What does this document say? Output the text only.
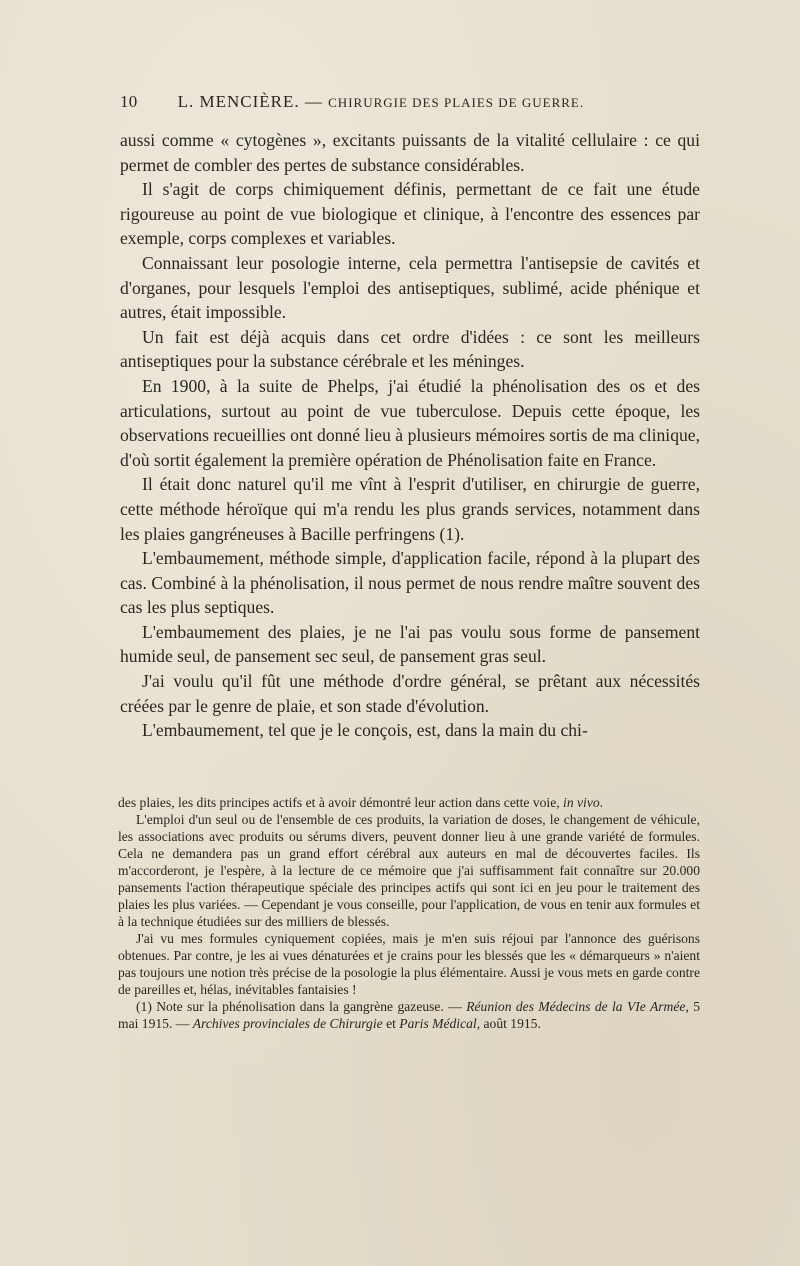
10 L. MENCIÈRE. — CHIRURGIE DES PLAIES DE GUERRE.

aussi comme « cytogènes », excitants puissants de la vitalité cellulaire : ce qui permet de combler des pertes de substance considérables.

Il s'agit de corps chimiquement définis, permettant de ce fait une étude rigoureuse au point de vue biologique et clinique, à l'encontre des essences par exemple, corps complexes et variables.

Connaissant leur posologie interne, cela permettra l'antisepsie de cavités et d'organes, pour lesquels l'emploi des antiseptiques, sublimé, acide phénique et autres, était impossible.

Un fait est déjà acquis dans cet ordre d'idées : ce sont les meilleurs antiseptiques pour la substance cérébrale et les méninges.

En 1900, à la suite de Phelps, j'ai étudié la phénolisation des os et des articulations, surtout au point de vue tuberculose. Depuis cette époque, les observations recueillies ont donné lieu à plusieurs mémoires sortis de ma clinique, d'où sortit également la première opération de Phénolisation faite en France.

Il était donc naturel qu'il me vînt à l'esprit d'utiliser, en chirurgie de guerre, cette méthode héroïque qui m'a rendu les plus grands services, notamment dans les plaies gangréneuses à Bacille perfringens (1).

L'embaumement, méthode simple, d'application facile, répond à la plupart des cas. Combiné à la phénolisation, il nous permet de nous rendre maître souvent des cas les plus septiques.

L'embaumement des plaies, je ne l'ai pas voulu sous forme de pansement humide seul, de pansement sec seul, de pansement gras seul.

J'ai voulu qu'il fût une méthode d'ordre général, se prêtant aux nécessités créées par le genre de plaie, et son stade d'évolution.

L'embaumement, tel que je le conçois, est, dans la main du chi-

des plaies, les dits principes actifs et à avoir démontré leur action dans cette voie, in vivo.

L'emploi d'un seul ou de l'ensemble de ces produits, la variation de doses, le changement de véhicule, les associations avec produits ou sérums divers, peuvent donner lieu à une grande variété de formules. Cela ne demandera pas un grand effort cérébral aux auteurs en mal de découvertes faciles. Ils m'accorderont, je l'espère, à la lecture de ce mémoire que j'ai suffisamment fait connaître sur 20.000 pansements l'action thérapeutique spéciale des principes actifs qui sont ici en jeu pour le traitement des plaies les plus variées. — Cependant je vous conseille, pour l'application, de vous en tenir aux formules et à la technique étudiées sur des milliers de blessés.

J'ai vu mes formules cyniquement copiées, mais je m'en suis réjoui par l'annonce des guérisons obtenues. Par contre, je les ai vues dénaturées et je crains pour les blessés que les « démarqueurs » n'aient pas toujours une notion très précise de la posologie la plus élémentaire. Aussi je vous mets en garde contre de pareilles et, hélas, inévitables fantaisies !

(1) Note sur la phénolisation dans la gangrène gazeuse. — Réunion des Médecins de la VIe Armée, 5 mai 1915. — Archives provinciales de Chirurgie et Paris Médical, août 1915.
